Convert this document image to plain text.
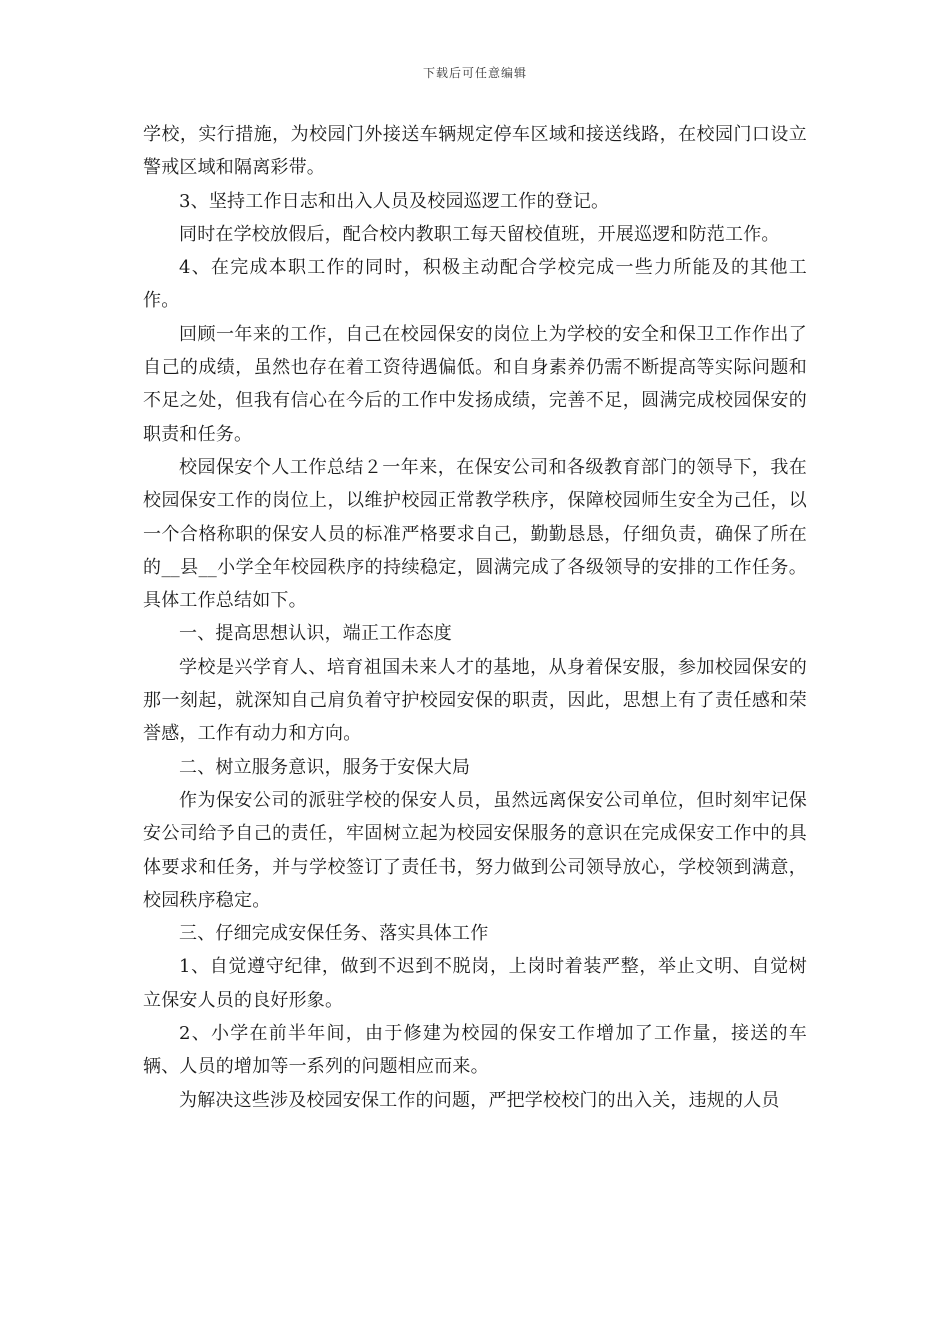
下载后可任意编辑

学校，实行措施，为校园门外接送车辆规定停车区域和接送线路，在校园门口设立警戒区域和隔离彩带。

3、坚持工作日志和出入人员及校园巡逻工作的登记。

同时在学校放假后，配合校内教职工每天留校值班，开展巡逻和防范工作。

4、在完成本职工作的同时，积极主动配合学校完成一些力所能及的其他工作。

回顾一年来的工作，自己在校园保安的岗位上为学校的安全和保卫工作作出了自己的成绩，虽然也存在着工资待遇偏低。和自身素养仍需不断提高等实际问题和不足之处，但我有信心在今后的工作中发扬成绩，完善不足，圆满完成校园保安的职责和任务。

校园保安个人工作总结２一年来，在保安公司和各级教育部门的领导下，我在校园保安工作的岗位上，以维护校园正常教学秩序，保障校园师生安全为己任，以一个合格称职的保安人员的标准严格要求自己，勤勤恳恳，仔细负责，确保了所在的__县__小学全年校园秩序的持续稳定，圆满完成了各级领导的安排的工作任务。具体工作总结如下。

一、提高思想认识，端正工作态度

学校是兴学育人、培育祖国未来人才的基地，从身着保安服，参加校园保安的那一刻起，就深知自己肩负着守护校园安保的职责，因此，思想上有了责任感和荣誉感，工作有动力和方向。

二、树立服务意识，服务于安保大局

作为保安公司的派驻学校的保安人员，虽然远离保安公司单位，但时刻牢记保安公司给予自己的责任，牢固树立起为校园安保服务的意识在完成保安工作中的具体要求和任务，并与学校签订了责任书，努力做到公司领导放心，学校领到满意，校园秩序稳定。

三、仔细完成安保任务、落实具体工作

1、自觉遵守纪律，做到不迟到不脱岗，上岗时着装严整，举止文明、自觉树立保安人员的良好形象。

2、小学在前半年间，由于修建为校园的保安工作增加了工作量，接送的车辆、人员的增加等一系列的问题相应而来。

为解决这些涉及校园安保工作的问题，严把学校校门的出入关，违规的人员
